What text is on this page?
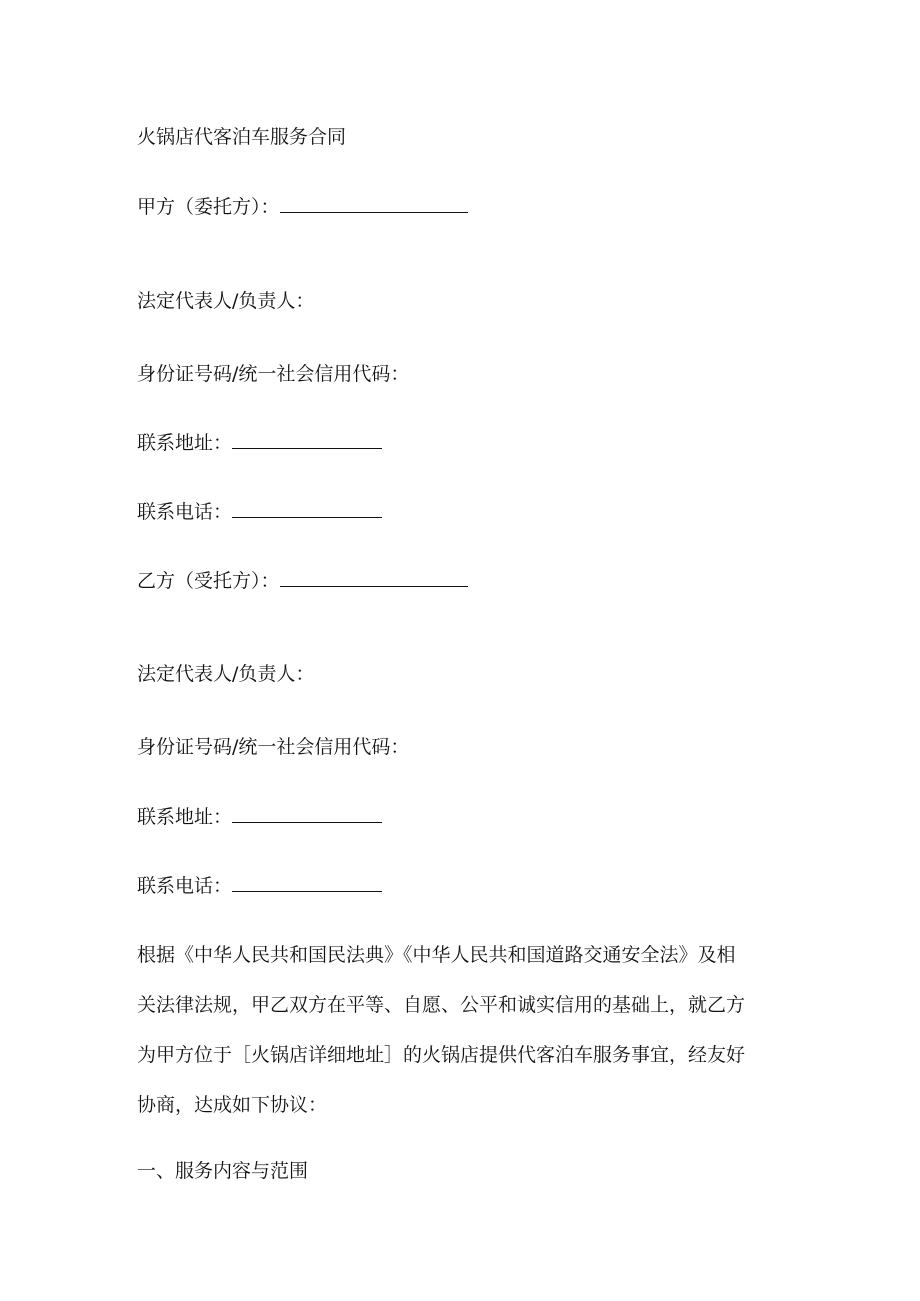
火锅店代客泊车服务合同
甲方（委托方）：
法定代表人/负责人：
身份证号码/统一社会信用代码：
联系地址：
联系电话：
乙方（受托方）：
法定代表人/负责人：
身份证号码/统一社会信用代码：
联系地址：
联系电话：
根据《中华人民共和国民法典》《中华人民共和国道路交通安全法》及相
关法律法规，甲乙双方在平等、自愿、公平和诚实信用的基础上，就乙方
为甲方位于［火锅店详细地址］的火锅店提供代客泊车服务事宜，经友好
协商，达成如下协议：
一、服务内容与范围
